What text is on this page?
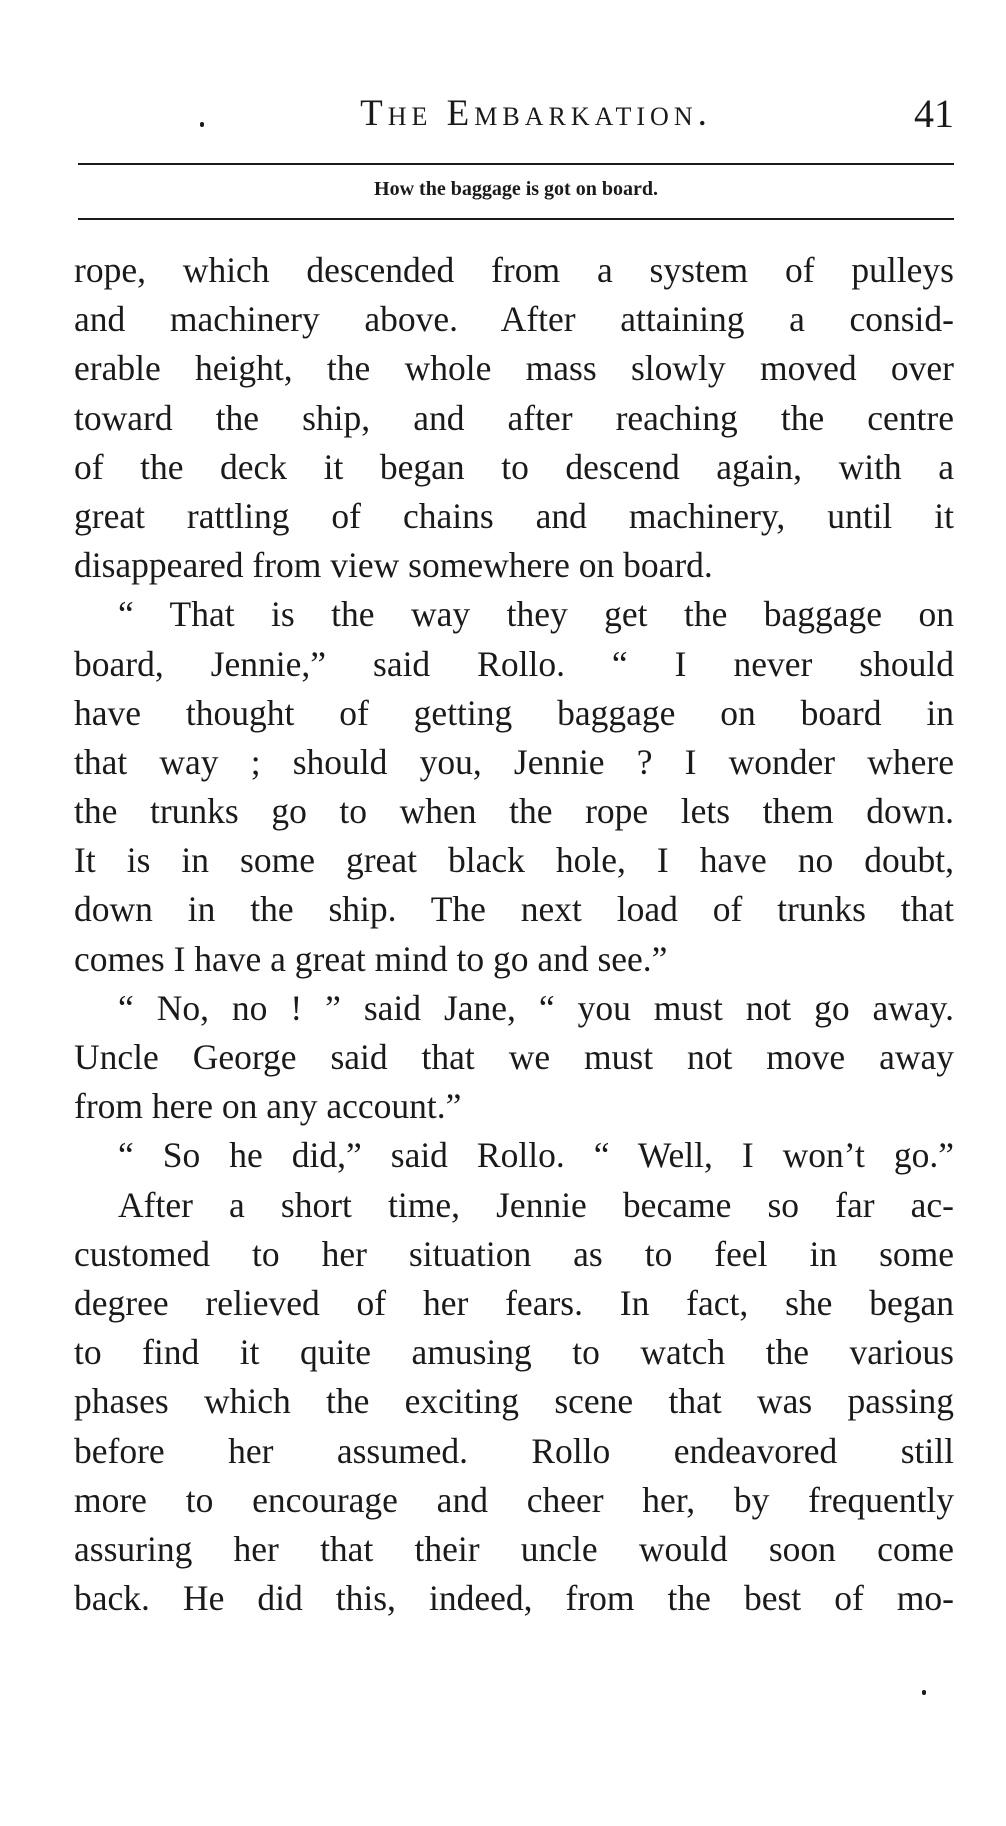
The Embarkation.	41
How the baggage is got on board.
rope, which descended from a system of pulleys
and machinery above. After attaining a consid-
erable height, the whole mass slowly moved over
toward the ship, and after reaching the centre
of the deck it began to descend again, with a
great rattling of chains and machinery, until it
disappeared from view somewhere on board.
“ That is the way they get the baggage on
board, Jennie,” said Rollo. “ I never should
have thought of getting baggage on board in
that way ; should you, Jennie ? I wonder where
the trunks go to when the rope lets them down.
It is in some great black hole, I have no doubt,
down in the ship. The next load of trunks that
comes I have a great mind to go and see.”
“ No, no ! ” said Jane, “ you must not go away.
Uncle George said that we must not move away
from here on any account.”
“ So he did,” said Rollo. “ Well, I won’t go.”
After a short time, Jennie became so far ac-
customed to her situation as to feel in some
degree relieved of her fears. In fact, she began
to find it quite amusing to watch the various
phases which the exciting scene that was passing
before her assumed. Rollo endeavored still
more to encourage and cheer her, by frequently
assuring her that their uncle would soon come
back. He did this, indeed, from the best of mo-
